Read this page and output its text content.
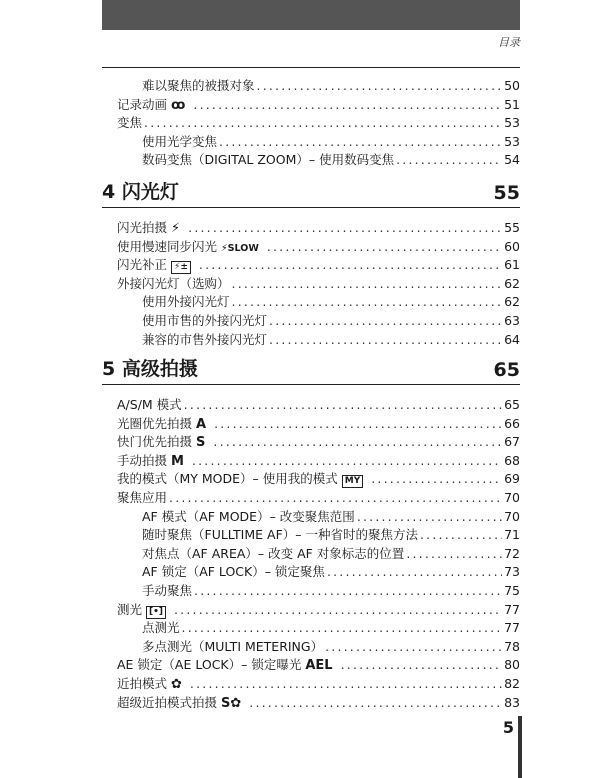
目录
难以聚焦的被摄对象 .....	50
记录动画 ꝏ .....	51
变焦 .....	53
使用光学变焦 .....	53
数码变焦（DIGITAL ZOOM）– 使用数码变焦 .....	54
4 闪光灯	55
闪光拍摄 ⚡ .....	55
使用慢速同步闪光 ⚡SLOW .....	60
闪光补正 ⚡± .....	61
外接闪光灯（选购） .....	62
使用外接闪光灯 .....	62
使用市售的外接闪光灯 .....	63
兼容的市售外接闪光灯 .....	64
5 高级拍摄	65
A/S/M 模式 .....	65
光圈优先拍摄 A .....	66
快门优先拍摄 S .....	67
手动拍摄 M .....	68
我的模式（MY MODE）– 使用我的模式 MY .....	69
聚焦应用 .....	70
AF 模式（AF MODE）– 改变聚焦范围 .....	70
随时聚焦（FULLTIME AF）– 一种省时的聚焦方法 .....	71
对焦点（AF AREA）– 改变 AF 对象标志的位置 .....	72
AF 锁定（AF LOCK）– 锁定聚焦 .....	73
手动聚焦 .....	75
测光 [•] .....	77
点测光 .....	77
多点测光（MULTI METERING） .....	78
AE 锁定（AE LOCK）– 锁定曝光 AEL .....	80
近拍模式 ✿ .....	82
超级近拍模式拍摄 S✿ .....	83
5
